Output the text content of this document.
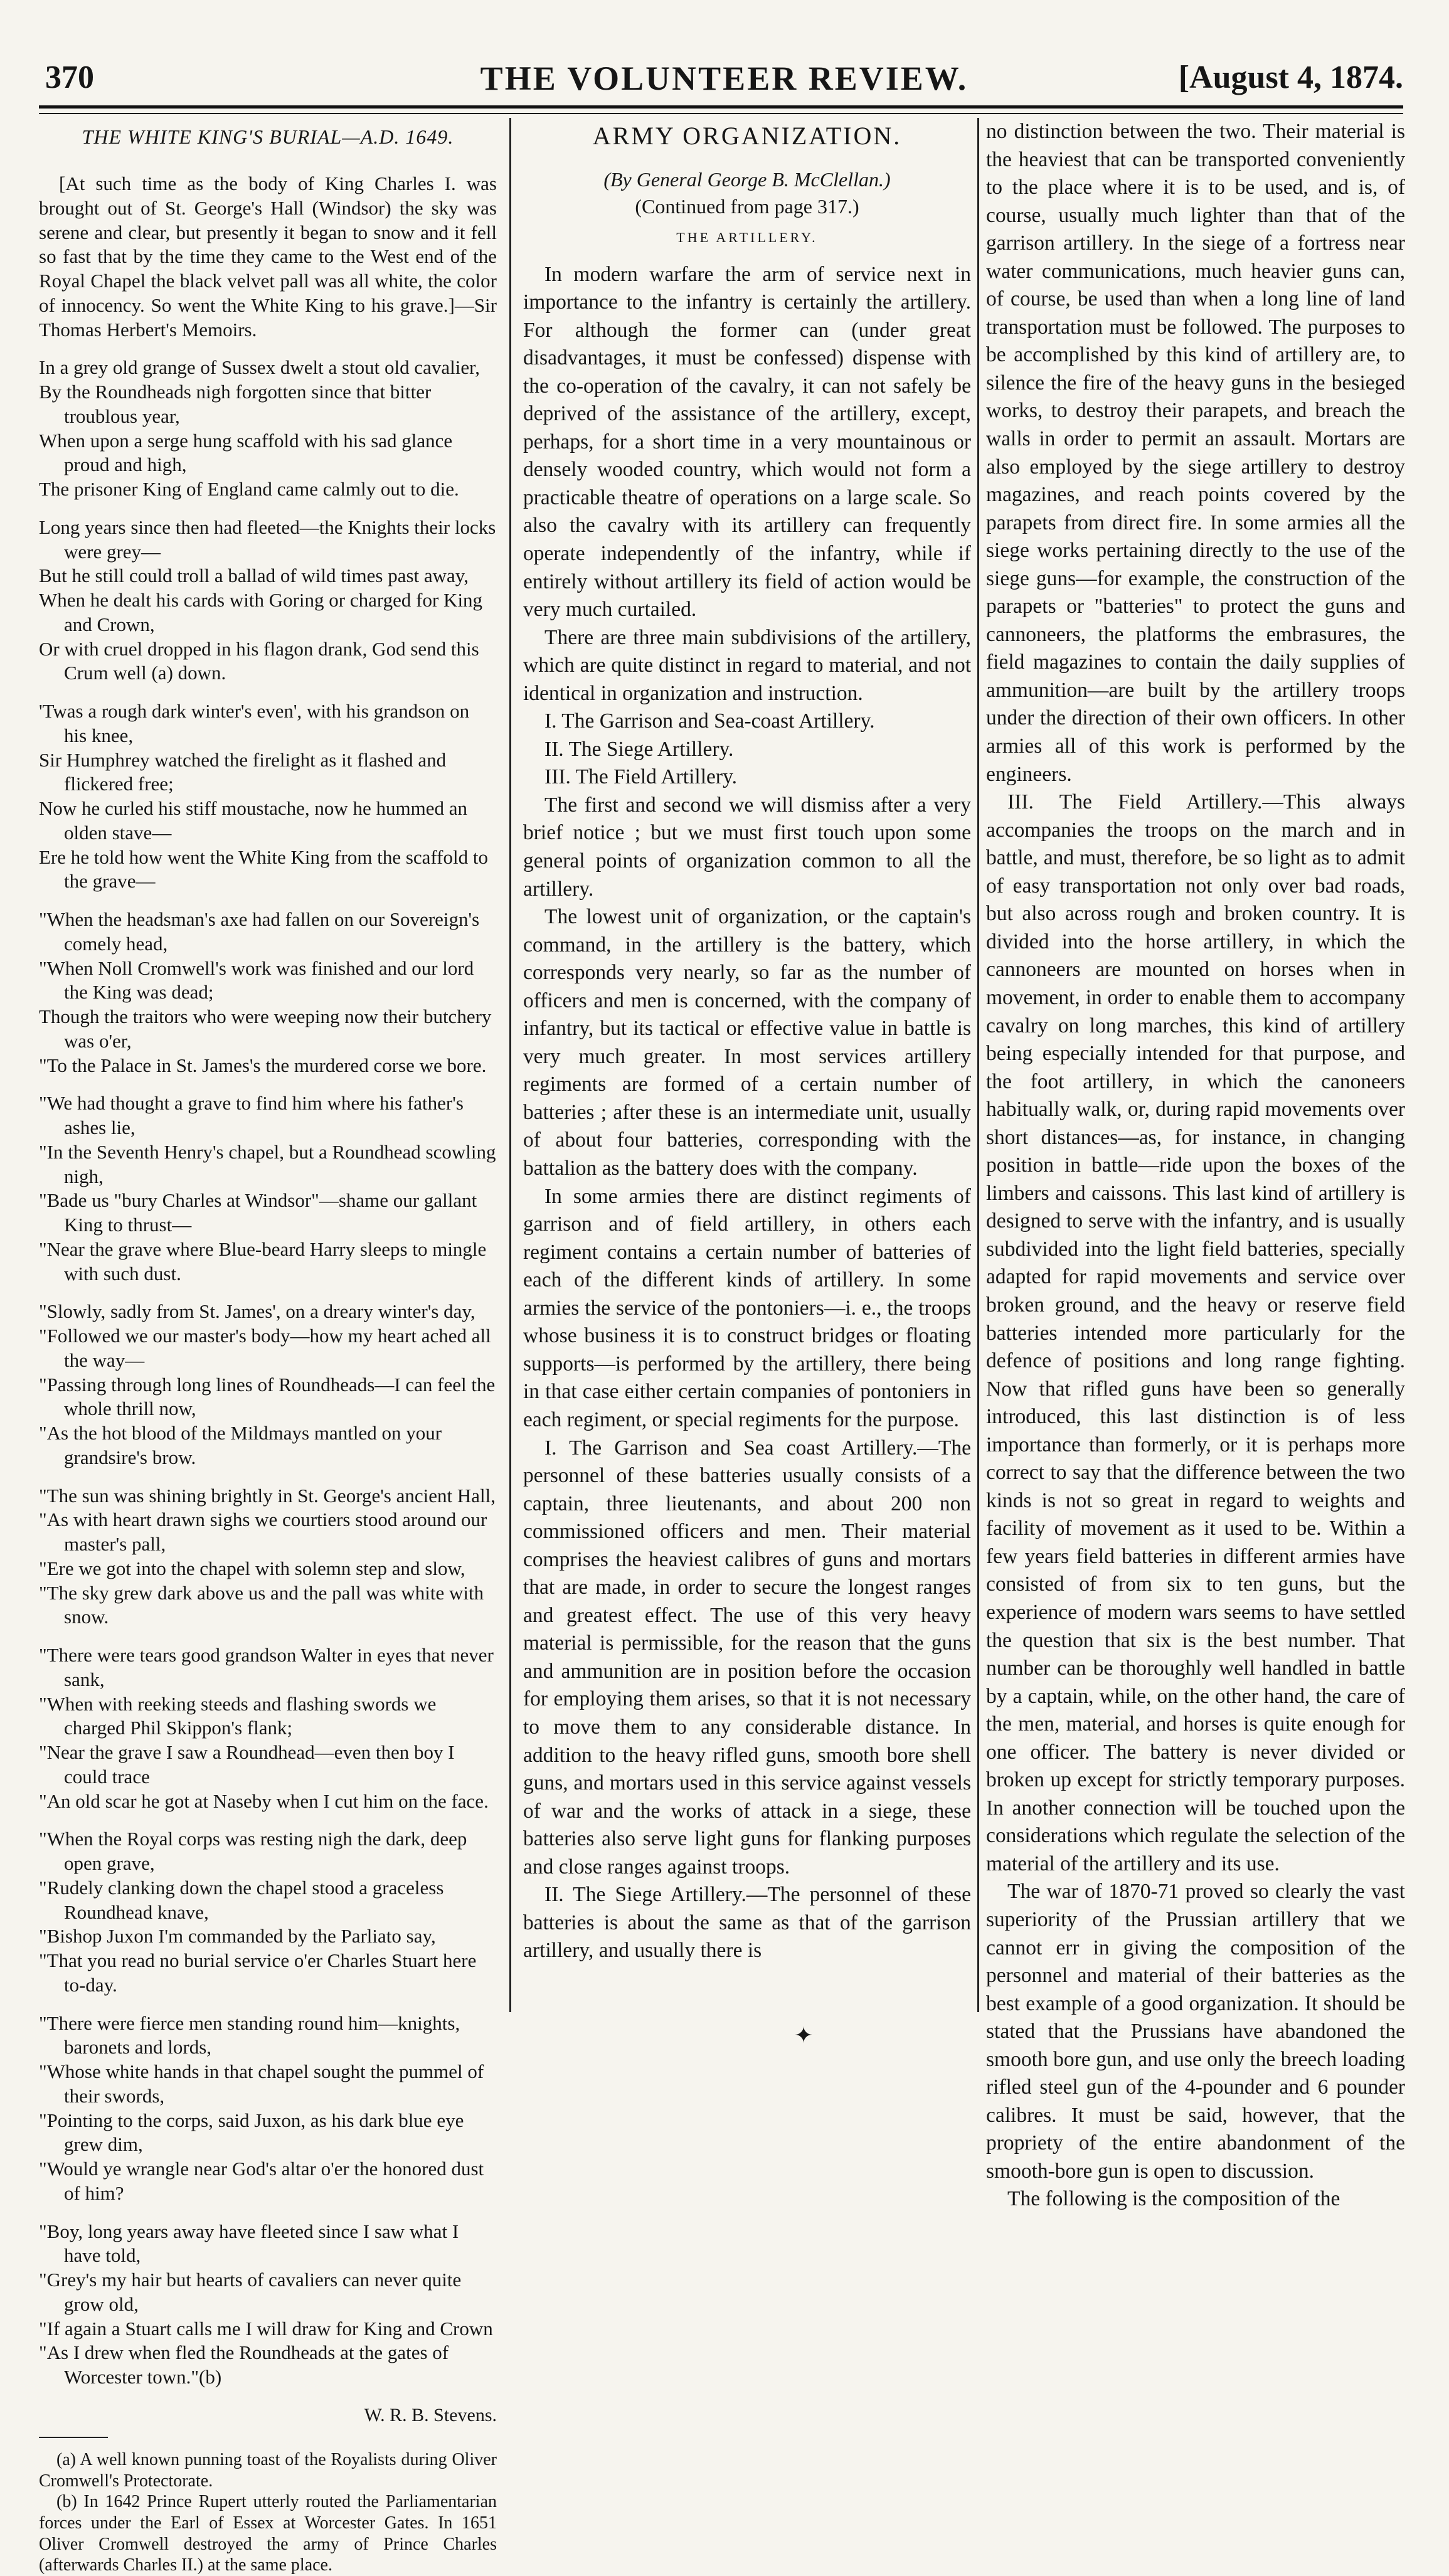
370	THE VOLUNTEER REVIEW.	[August 4, 1874.
THE WHITE KING'S BURIAL—A.D. 1649.

[At such time as the body of King Charles I. was brought out of St. George's Hall (Windsor) the sky was serene and clear, but presently it began to snow and it fell so fast that by the time they came to the West end of the Royal Chapel the black velvet pall was all white, the color of innocency. So went the White King to his grave.]—Sir Thomas Herbert's Memoirs.

In a grey old grange of Sussex dwelt a stout old cavalier,
By the Roundheads nigh forgotten since that bitter troublous year,
When upon a serge hung scaffold with his sad glance proud and high,
The prisoner King of England came calmly out to die.
Long years since then had fleeted—the Knights their locks were grey—
But he still could troll a ballad of wild times past away,
When he dealt his cards with Goring or charged for King and Crown,
Or with cruel dropped in his flagon drank, God send this Crum well (a) down.
'Twas a rough dark winter's even', with his grandson on his knee,
Sir Humphrey watched the firelight as it flashed and flickered free;
Now he curled his stiff moustache, now he hummed an olden stave—
Ere he told how went the White King from the scaffold to the grave—
"When the headsman's axe had fallen on our Sovereign's comely head,
"When Noll Cromwell's work was finished and our lord the King was dead;
Though the traitors who were weeping now their butchery was o'er,
"To the Palace in St. James's the murdered corse we bore.
"We had thought a grave to find him where his father's ashes lie,
"In the Seventh Henry's chapel, but a Roundhead scowling nigh,
"Bade us "bury Charles at Windsor"—shame our gallant King to thrust—
"Near the grave where Blue-beard Harry sleeps to mingle with such dust.
"Slowly, sadly from St. James', on a dreary winter's day,
"Followed we our master's body—how my heart ached all the way—
"Passing through long lines of Roundheads—I can feel the whole thrill now,
"As the hot blood of the Mildmays mantled on your grandsire's brow.
"The sun was shining brightly in St. George's ancient Hall,
"As with heart drawn sighs we courtiers stood around our master's pall,
"Ere we got into the chapel with solemn step and slow,
"The sky grew dark above us and the pall was white with snow.
"There were tears good grandson Walter in eyes that never sank,
"When with reeking steeds and flashing swords we charged Phil Skippon's flank;
"Near the grave I saw a Roundhead—even then boy I could trace
"An old scar he got at Naseby when I cut him on the face.
"When the Royal corps was resting nigh the dark, deep open grave,
"Rudely clanking down the chapel stood a graceless Roundhead knave,
"Bishop Juxon I'm commanded by the Parliato say,
"That you read no burial service o'er Charles Stuart here to-day.
"There were fierce men standing round him—knights, baronets and lords,
"Whose white hands in that chapel sought the pummel of their swords,
"Pointing to the corps, said Juxon, as his dark blue eye grew dim,
"Would ye wrangle near God's altar o'er the honored dust of him?
"Boy, long years away have fleeted since I saw what I have told,
"Grey's my hair but hearts of cavaliers can never quite grow old,
"If again a Stuart calls me I will draw for King and Crown
"As I drew when fled the Roundheads at the gates of Worcester town."(b)
W. R. B. Stevens.

(a) A well known punning toast of the Royalists during Oliver Cromwell's Protectorate.

(b) In 1642 Prince Rupert utterly routed the Parliamentarian forces under the Earl of Essex at Worcester Gates. In 1651 Oliver Cromwell destroyed the army of Prince Charles (afterwards Charles II.) at the same place.

ARMY ORGANIZATION.
(By General George B. McClellan.)
(Continued from page 317.)
THE ARTILLERY.

In modern warfare the arm of service next in importance to the infantry is certainly the artillery. For although the former can (under great disadvantages, it must be confessed) dispense with the co-operation of the cavalry, it can not safely be deprived of the assistance of the artillery, except, perhaps, for a short time in a very mountainous or densely wooded country, which would not form a practicable theatre of operations on a large scale. So also the cavalry with its artillery can frequently operate independently of the infantry, while if entirely without artillery its field of action would be very much curtailed.

There are three main subdivisions of the artillery, which are quite distinct in regard to material, and not identical in organization and instruction.

I. The Garrison and Sea-coast Artillery.

II. The Siege Artillery.

III. The Field Artillery.

The first and second we will dismiss after a very brief notice ; but we must first touch upon some general points of organization common to all the artillery.

The lowest unit of organization, or the captain's command, in the artillery is the battery, which corresponds very nearly, so far as the number of officers and men is concerned, with the company of infantry, but its tactical or effective value in battle is very much greater. In most services artillery regiments are formed of a certain number of batteries ; after these is an intermediate unit, usually of about four batteries, corresponding with the battalion as the battery does with the company.

In some armies there are distinct regiments of garrison and of field artillery, in others each regiment contains a certain number of batteries of each of the different kinds of artillery. In some armies the service of the pontoniers—i. e., the troops whose business it is to construct bridges or floating supports—is performed by the artillery, there being in that case either certain companies of pontoniers in each regiment, or special regiments for the purpose.

I. The Garrison and Sea coast Artillery.—The personnel of these batteries usually consists of a captain, three lieutenants, and about 200 non commissioned officers and men. Their material comprises the heaviest calibres of guns and mortars that are made, in order to secure the longest ranges and greatest effect. The use of this very heavy material is permissible, for the reason that the guns and ammunition are in position before the occasion for employing them arises, so that it is not necessary to move them to any considerable distance. In addition to the heavy rifled guns, smooth bore shell guns, and mortars used in this service against vessels of war and the works of attack in a siege, these batteries also serve light guns for flanking purposes and close ranges against troops.

II. The Siege Artillery.—The personnel of these batteries is about the same as that of the garrison artillery, and usually there is

no distinction between the two. Their material is the heaviest that can be transported conveniently to the place where it is to be used, and is, of course, usually much lighter than that of the garrison artillery. In the siege of a fortress near water communications, much heavier guns can, of course, be used than when a long line of land transportation must be followed. The purposes to be accomplished by this kind of artillery are, to silence the fire of the heavy guns in the besieged works, to destroy their parapets, and breach the walls in order to permit an assault. Mortars are also employed by the siege artillery to destroy magazines, and reach points covered by the parapets from direct fire. In some armies all the siege works pertaining directly to the use of the siege guns—for example, the construction of the parapets or "batteries" to protect the guns and cannoneers, the platforms the embrasures, the field magazines to contain the daily supplies of ammunition—are built by the artillery troops under the direction of their own officers. In other armies all of this work is performed by the engineers.

III. The Field Artillery.—This always accompanies the troops on the march and in battle, and must, therefore, be so light as to admit of easy transportation not only over bad roads, but also across rough and broken country. It is divided into the horse artillery, in which the cannoneers are mounted on horses when in movement, in order to enable them to accompany cavalry on long marches, this kind of artillery being especially intended for that purpose, and the foot artillery, in which the canoneers habitually walk, or, during rapid movements over short distances—as, for instance, in changing position in battle—ride upon the boxes of the limbers and caissons. This last kind of artillery is designed to serve with the infantry, and is usually subdivided into the light field batteries, specially adapted for rapid movements and service over broken ground, and the heavy or reserve field batteries intended more particularly for the defence of positions and long range fighting. Now that rifled guns have been so generally introduced, this last distinction is of less importance than formerly, or it is perhaps more correct to say that the difference between the two kinds is not so great in regard to weights and facility of movement as it used to be. Within a few years field batteries in different armies have consisted of from six to ten guns, but the experience of modern wars seems to have settled the question that six is the best number. That number can be thoroughly well handled in battle by a captain, while, on the other hand, the care of the men, material, and horses is quite enough for one officer. The battery is never divided or broken up except for strictly temporary purposes. In another connection will be touched upon the considerations which regulate the selection of the material of the artillery and its use.

The war of 1870-71 proved so clearly the vast superiority of the Prussian artillery that we cannot err in giving the composition of the personnel and material of their batteries as the best example of a good organization. It should be stated that the Prussians have abandoned the smooth bore gun, and use only the breech loading rifled steel gun of the 4-pounder and 6 pounder calibres. It must be said, however, that the propriety of the entire abandonment of the smooth-bore gun is open to discussion.

The following is the composition of the

✦
